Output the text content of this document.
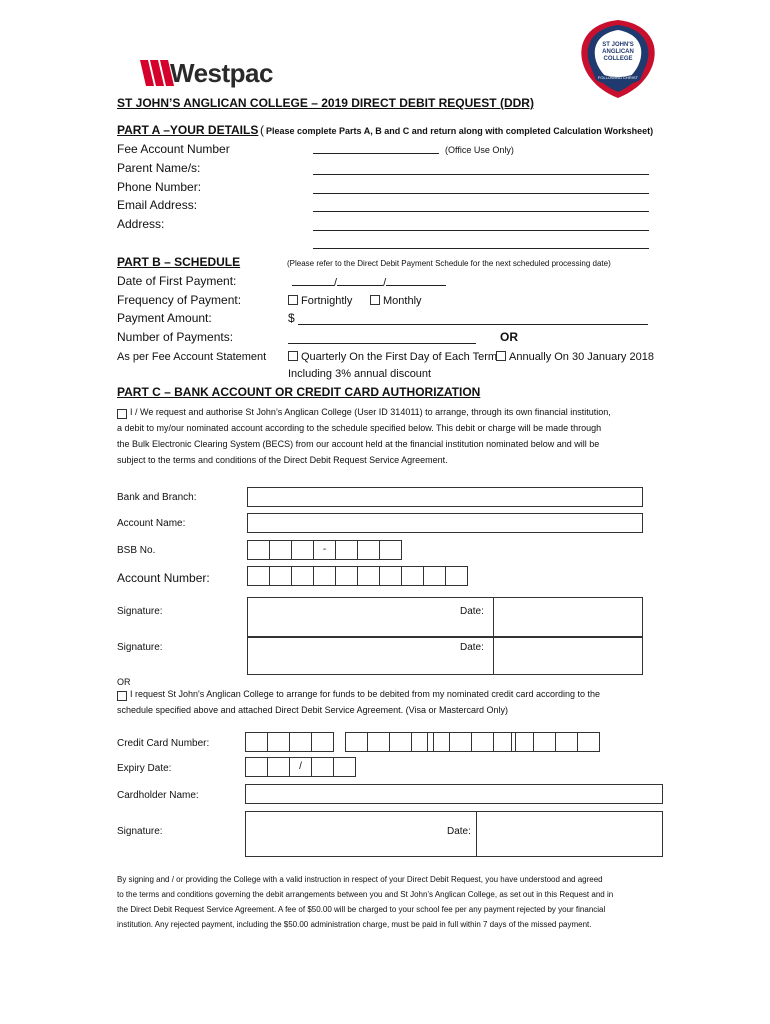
Westpac
ST JOHN'S ANGLICAN COLLEGE
FOLLOWING CHRIST
ST JOHN’S ANGLICAN COLLEGE – 2019 DIRECT DEBIT REQUEST (DDR)
PART A –YOUR DETAILS ( Please complete Parts A, B and C and return along with completed Calculation Worksheet)
Fee Account Number	(Office Use Only)
Parent Name/s:
Phone Number:
Email Address:
Address:
PART B – SCHEDULE	(Please refer to the Direct Debit Payment Schedule for the next scheduled processing date)
Date of First Payment:	/	/
Frequency of Payment:	Fortnightly	Monthly
Payment Amount:	$
Number of Payments:	OR
As per Fee Account Statement	Quarterly On the First Day of Each Term	Annually On 30 January 2018
Including 3% annual discount
PART C – BANK ACCOUNT OR CREDIT CARD AUTHORIZATION
I / We request and authorise St John’s Anglican College (User ID 314011) to arrange, through its own financial institution,
a debit to my/our nominated account according to the schedule specified below. This debit or charge will be made through
the Bulk Electronic Clearing System (BECS) from our account held at the financial institution nominated below and will be
subject to the terms and conditions of the Direct Debit Request Service Agreement.
Bank and Branch:
Account Name:
BSB No.	-
Account Number:
Signature:	Date:
Signature:	Date:
OR
I request St John's Anglican College to arrange for funds to be debited from my nominated credit card according to the
schedule specified above and attached Direct Debit Service Agreement. (Visa or Mastercard Only)
Credit Card Number:
Expiry Date:	/
Cardholder Name:
Signature:	Date:
By signing and / or providing the College with a valid instruction in respect of your Direct Debit Request, you have understood and agreed
to the terms and conditions governing the debit arrangements between you and St John’s Anglican College, as set out in this Request and in
the Direct Debit Request Service Agreement. A fee of $50.00 will be charged to your school fee per any payment rejected by your financial
institution. Any rejected payment, including the $50.00 administration charge, must be paid in full within 7 days of the missed payment.
